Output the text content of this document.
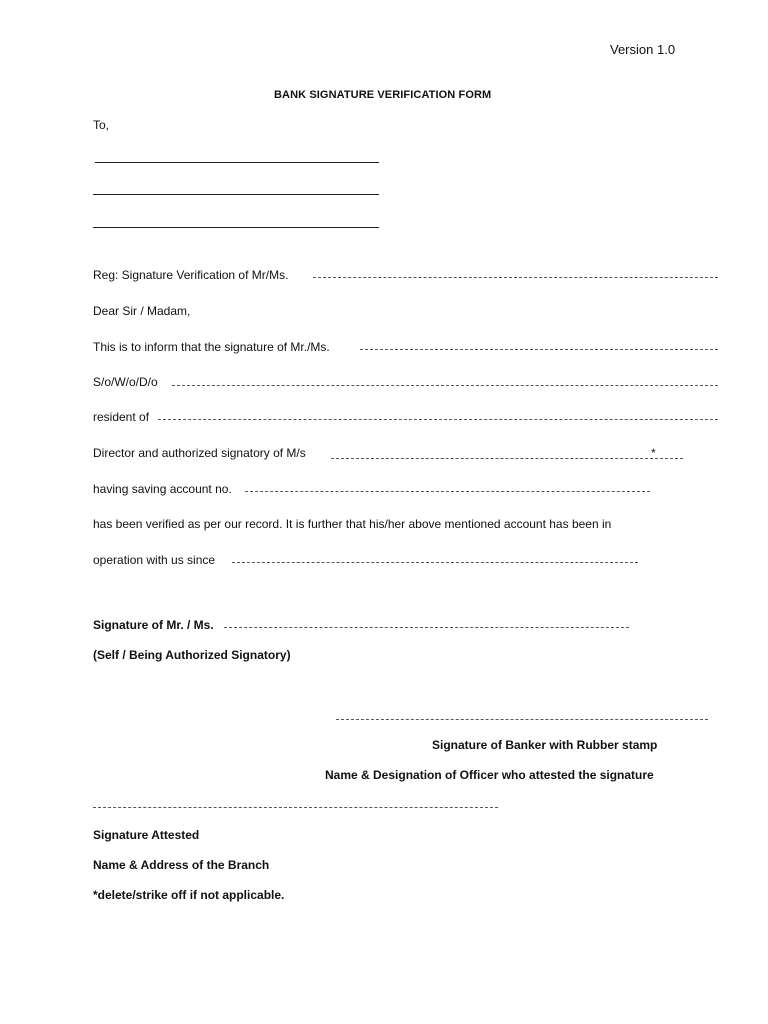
Version 1.0
BANK SIGNATURE VERIFICATION FORM
To,
Reg: Signature Verification of Mr/Ms.
Dear Sir / Madam,
This is to inform that the signature of Mr./Ms.
S/o/W/o/D/o
resident of
Director and authorized signatory of M/s	*
having saving account no.
has been verified as per our record. It is further that his/her above mentioned account has been in
operation with us since
Signature of Mr. / Ms.
(Self / Being Authorized Signatory)
Signature of Banker with Rubber stamp
Name & Designation of Officer who attested the signature
Signature Attested
Name & Address of the Branch
*delete/strike off if not applicable.
